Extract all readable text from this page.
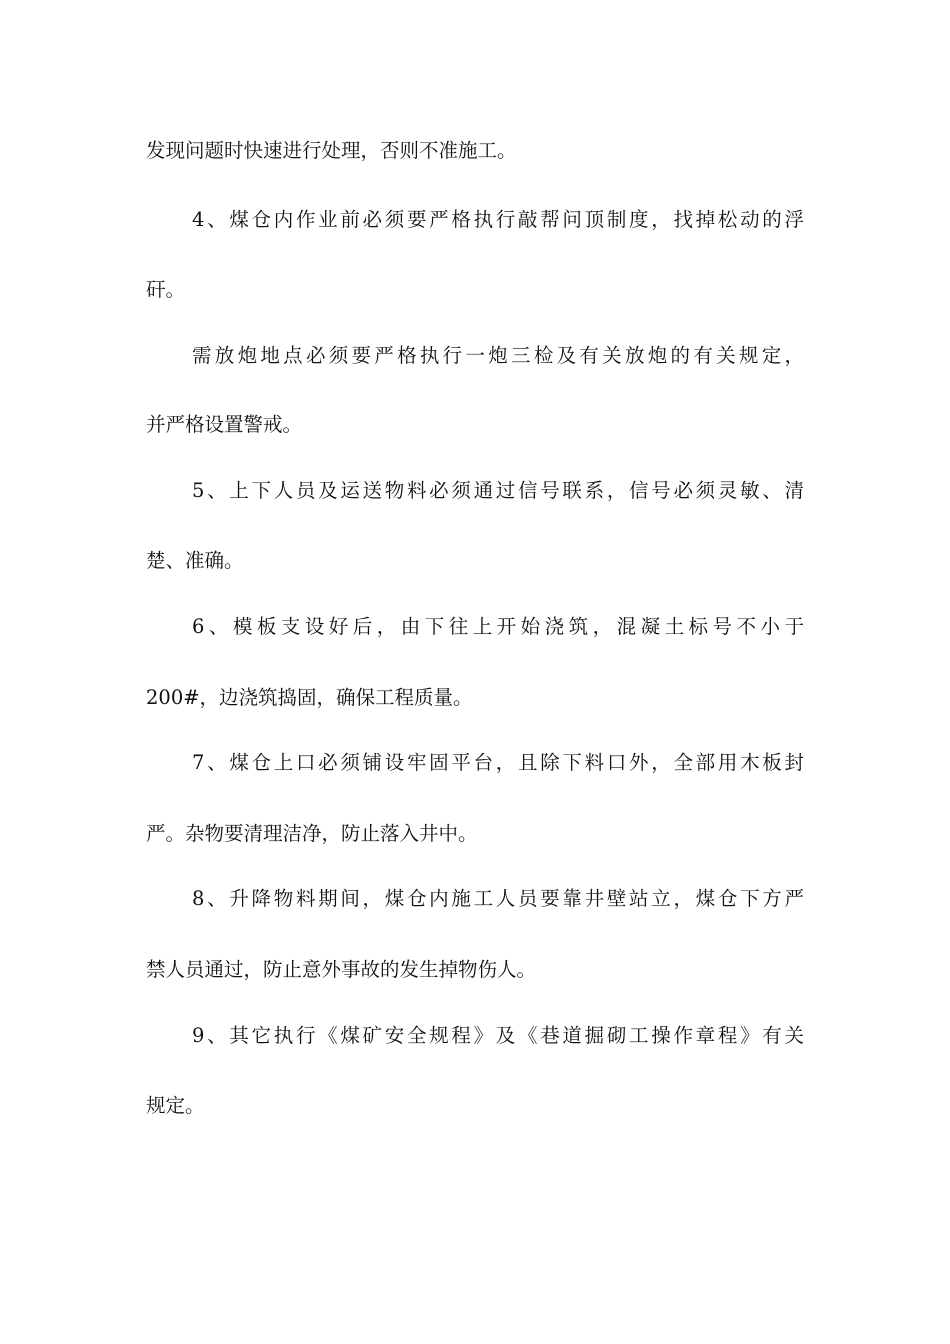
发现问题时快速进行处理，否则不准施工。
4、煤仓内作业前必须要严格执行敲帮问顶制度，找掉松动的浮
矸。
需放炮地点必须要严格执行一炮三检及有关放炮的有关规定，
并严格设置警戒。
5、上下人员及运送物料必须通过信号联系，信号必须灵敏、清
楚、准确。
6、模板支设好后，由下往上开始浇筑，混凝土标号不小于
200#，边浇筑捣固，确保工程质量。
7、煤仓上口必须铺设牢固平台，且除下料口外，全部用木板封
严。杂物要清理洁净，防止落入井中。
8、升降物料期间，煤仓内施工人员要靠井壁站立，煤仓下方严
禁人员通过，防止意外事故的发生掉物伤人。
9、其它执行《煤矿安全规程》及《巷道掘砌工操作章程》有关
规定。
